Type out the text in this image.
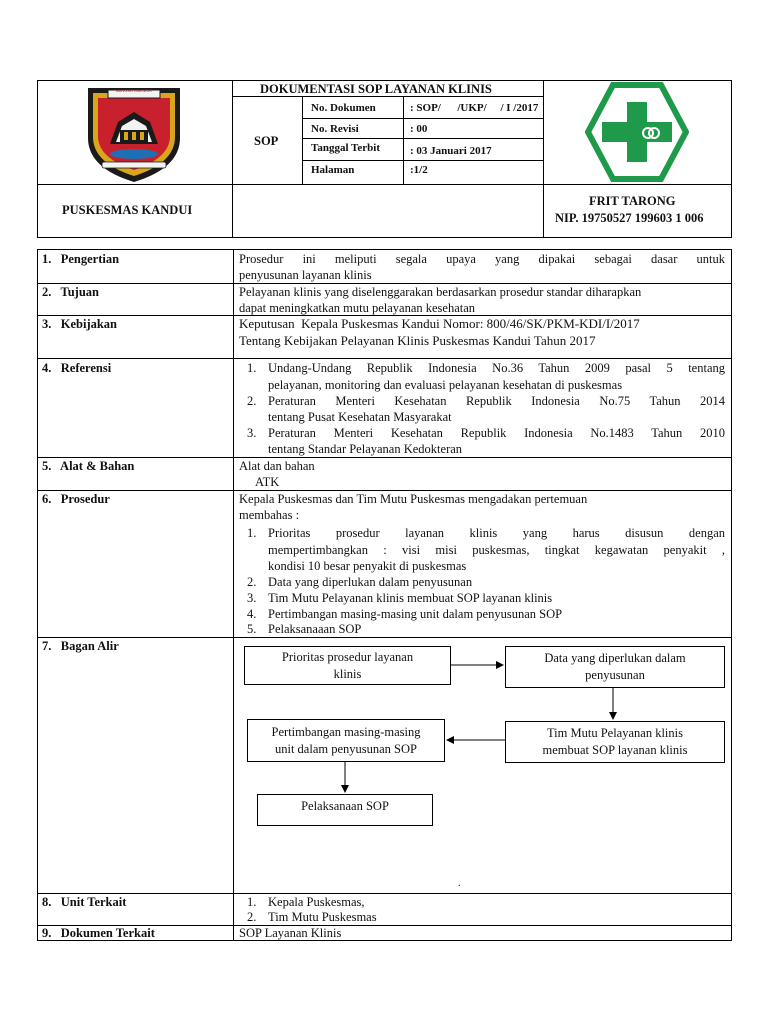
BANGSO MAKMUR	DOKUMENTASI SOP LAYANAN KLINIS
SOP
No. Dokumen	: SOP/      /UKP/     / I /2017
No. Revisi	: 00
Tanggal Terbit	: 03 Januari 2017
Halaman	:1/2
PUSKESMAS KANDUI
FRIT TARONG
NIP. 19750527 199603 1 006
1.   Pengertian	Prosedur ini meliputi segala upaya yang dipakai sebagai dasar untuk
penyusunan layanan klinis
2.   Tujuan	Pelayanan klinis yang diselenggarakan berdasarkan prosedur standar diharapkan
dapat meningkatkan mutu pelayanan kesehatan
3.   Kebijakan	Keputusan  Kepala Puskesmas Kandui Nomor: 800/46/SK/PKM-KDI/I/2017
Tentang Kebijakan Pelayanan Klinis Puskesmas Kandui Tahun 2017
4.   Referensi	1. Undang-Undang Republik Indonesia No.36 Tahun 2009 pasal 5 tentang
pelayanan, monitoring dan evaluasi pelayanan kesehatan di puskesmas
2. Peraturan Menteri Kesehatan Republik Indonesia No.75 Tahun 2014
tentang Pusat Kesehatan Masyarakat
3. Peraturan Menteri Kesehatan Republik Indonesia No.1483 Tahun 2010
tentang Standar Pelayanan Kedokteran
5.   Alat & Bahan	Alat dan bahan
ATK
6.   Prosedur	Kepala Puskesmas dan Tim Mutu Puskesmas mengadakan pertemuan
membahas :
1. Prioritas prosedur layanan klinis yang harus disusun dengan
mempertimbangkan : visi misi puskesmas, tingkat kegawatan penyakit ,
kondisi 10 besar penyakit di puskesmas
2. Data yang diperlukan dalam penyusunan
3. Tim Mutu Pelayanan klinis membuat SOP layanan klinis
4. Pertimbangan masing-masing unit dalam penyusunan SOP
5. Pelaksanaaan SOP
7.   Bagan Alir
Prioritas prosedur layanan
klinis
Data yang diperlukan dalam
penyusunan
Tim Mutu Pelayanan klinis
membuat SOP layanan klinis
Pertimbangan masing-masing
unit dalam penyusunan SOP
Pelaksanaan SOP
.
8.   Unit Terkait	1. Kepala Puskesmas,
2. Tim Mutu Puskesmas
9.   Dokumen Terkait	SOP Layanan Klinis
